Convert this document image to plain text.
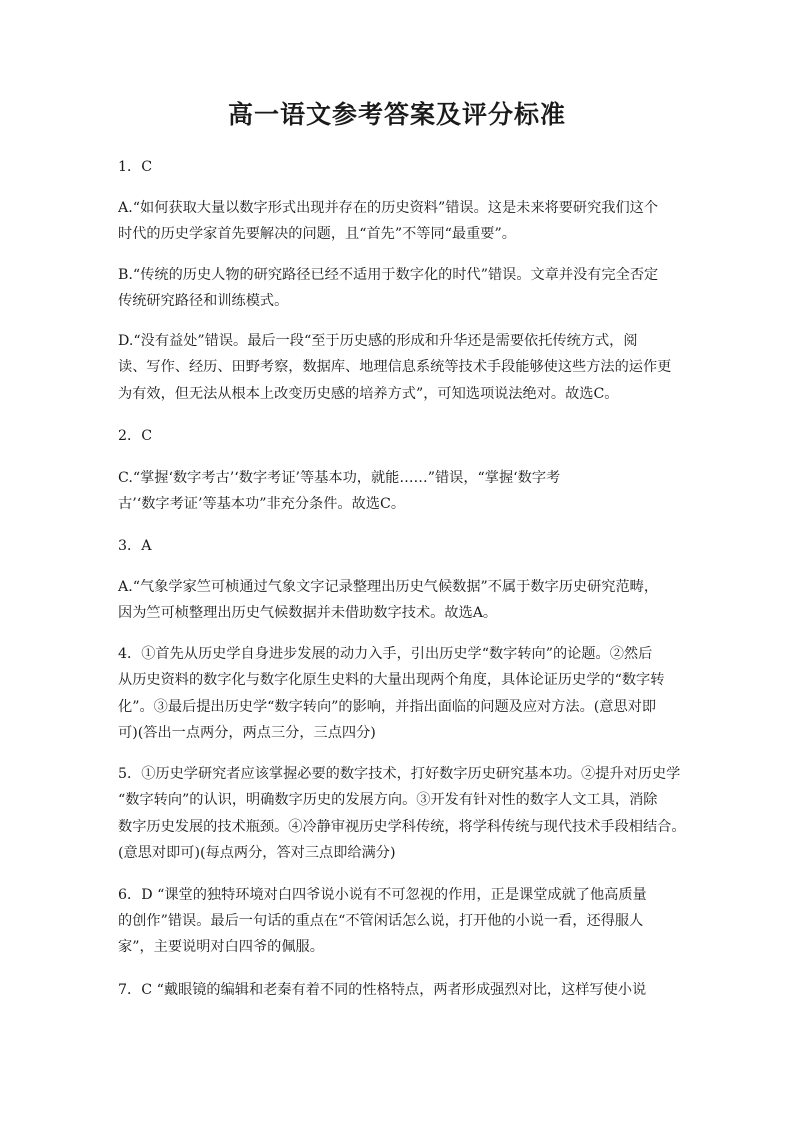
高一语文参考答案及评分标准
1．C
A.“如何获取大量以数字形式出现并存在的历史资料”错误。这是未来将要研究我们这个
时代的历史学家首先要解决的问题，且“首先”不等同“最重要”。
B.“传统的历史人物的研究路径已经不适用于数字化的时代”错误。文章并没有完全否定
传统研究路径和训练模式。
D.“没有益处”错误。最后一段“至于历史感的形成和升华还是需要依托传统方式，阅
读、写作、经历、田野考察，数据库、地理信息系统等技术手段能够使这些方法的运作更
为有效，但无法从根本上改变历史感的培养方式”，可知选项说法绝对。故选C。
2．C
C.“掌握‘数字考古’‘数字考证’等基本功，就能……”错误，“掌握‘数字考
古’‘数字考证’等基本功”非充分条件。故选C。
3．A
A.“气象学家竺可桢通过气象文字记录整理出历史气候数据”不属于数字历史研究范畴，
因为竺可桢整理出历史气候数据并未借助数字技术。故选A。
4．①首先从历史学自身进步发展的动力入手，引出历史学“数字转向”的论题。②然后
从历史资料的数字化与数字化原生史料的大量出现两个角度，具体论证历史学的“数字转
化”。③最后提出历史学“数字转向”的影响，并指出面临的问题及应对方法。(意思对即
可)(答出一点两分，两点三分，三点四分)
5．①历史学研究者应该掌握必要的数字技术，打好数字历史研究基本功。②提升对历史学
“数字转向”的认识，明确数字历史的发展方向。③开发有针对性的数字人文工具，消除
数字历史发展的技术瓶颈。④冷静审视历史学科传统，将学科传统与现代技术手段相结合。
(意思对即可)(每点两分，答对三点即给满分)
6．D “课堂的独特环境对白四爷说小说有不可忽视的作用，正是课堂成就了他高质量
的创作”错误。最后一句话的重点在“不管闲话怎么说，打开他的小说一看，还得服人
家”，主要说明对白四爷的佩服。
7．C “戴眼镜的编辑和老秦有着不同的性格特点，两者形成强烈对比，这样写使小说
